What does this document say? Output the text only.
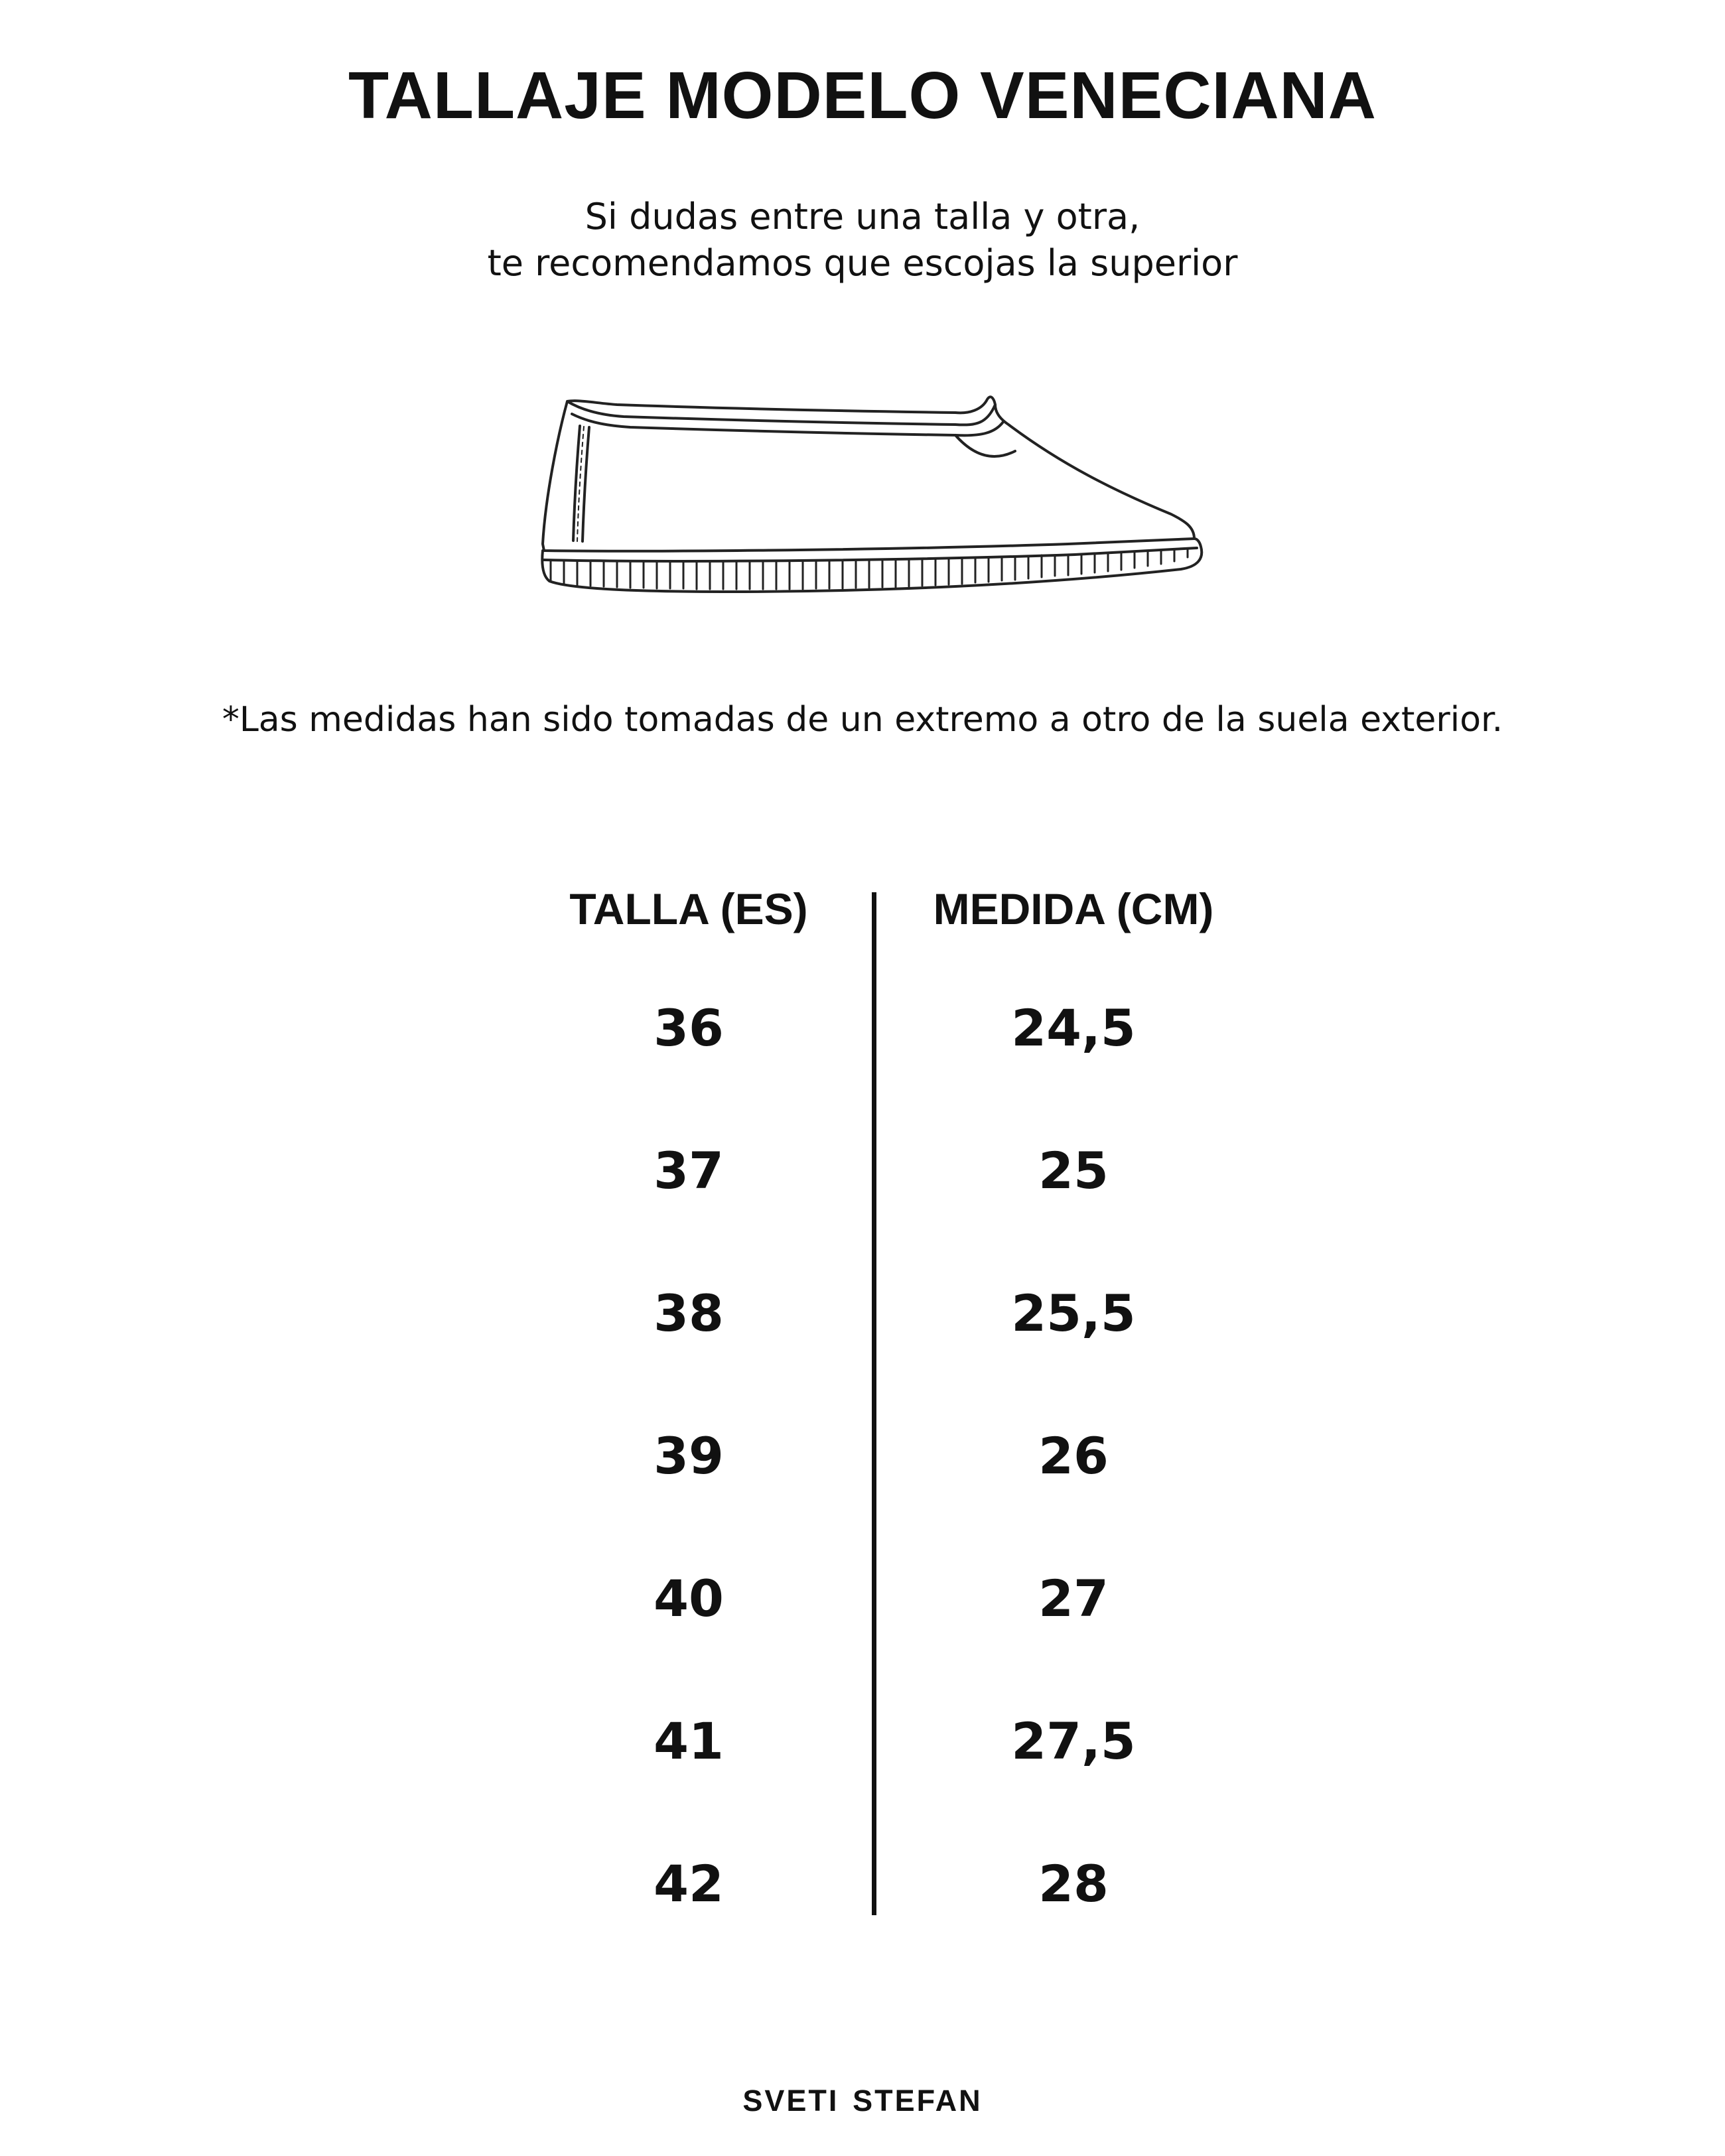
TALLAJE MODELO VENECIANA

Si dudas entre una talla y otra,

te recomendamos que escojas la superior

*Las medidas han sido tomadas de un extremo a otro de la suela exterior.

TALLA (ES)	MEDIDA (CM)
36	24,5
37	25
38	25,5
39	26
40	27
41	27,5
42	28
sveti stefan
